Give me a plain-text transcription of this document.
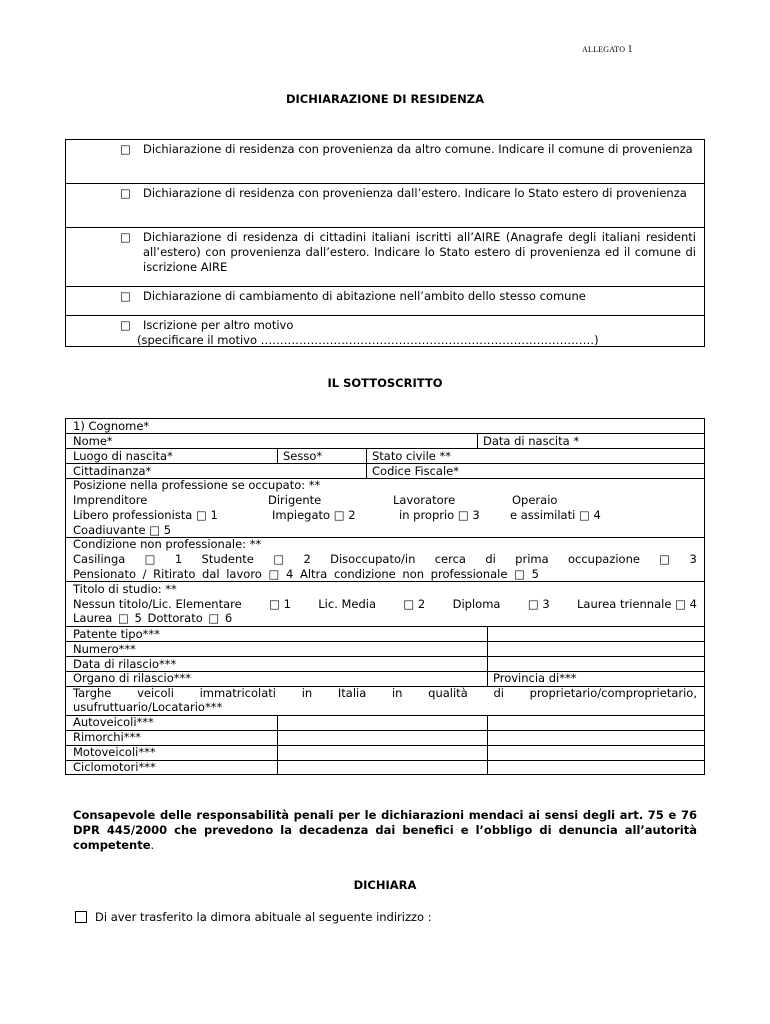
ALLEGATO 1
DICHIARAZIONE DI RESIDENZA
□ Dichiarazione di residenza con provenienza da altro comune. Indicare il comune di provenienza
□ Dichiarazione di residenza con provenienza dall’estero. Indicare lo Stato estero di provenienza
□ Dichiarazione di residenza di cittadini italiani iscritti all’AIRE (Anagrafe degli italiani residenti all’estero) con provenienza dall’estero. Indicare lo Stato estero di provenienza ed il comune di iscrizione AIRE
□ Dichiarazione di cambiamento di abitazione nell’ambito dello stesso comune
□ Iscrizione per altro motivo
(specificare il motivo ……………………………………………………………………………)
IL SOTTOSCRITTO
1) Cognome*
Nome*	Data di nascita *
Luogo di nascita*	Sesso*	Stato civile **
Cittadinanza*	Codice Fiscale*
Posizione nella professione se occupato: **
Imprenditore	Dirigente	Lavoratore	Operaio
Libero professionista □ 1	Impiegato □ 2	in proprio □ 3	e assimilati □ 4
Coadiuvante □ 5
Condizione non professionale: **
Casilinga □ 1 Studente □ 2 Disoccupato/in cerca di prima occupazione □ 3
Pensionato / Ritirato dal lavoro □ 4 Altra condizione non professionale □ 5
Titolo di studio: **
Nessun titolo/Lic. Elementare □ 1 Lic. Media □ 2 Diploma □ 3 Laurea triennale □ 4
Laurea □ 5 Dottorato □ 6
Patente tipo***
Numero***
Data di rilascio***
Organo di rilascio***	Provincia di***
Targhe veicoli immatricolati in Italia in qualità di proprietario/comproprietario,
usufruttuario/Locatario***
Autoveicoli***
Rimorchi***
Motoveicoli***
Ciclomotori***
Consapevole delle responsabilità penali per le dichiarazioni mendaci ai sensi degli art. 75 e 76 DPR 445/2000 che prevedono la decadenza dai benefici e l’obbligo di denuncia all’autorità competente.
DICHIARA
Di aver trasferito la dimora abituale al seguente indirizzo :
